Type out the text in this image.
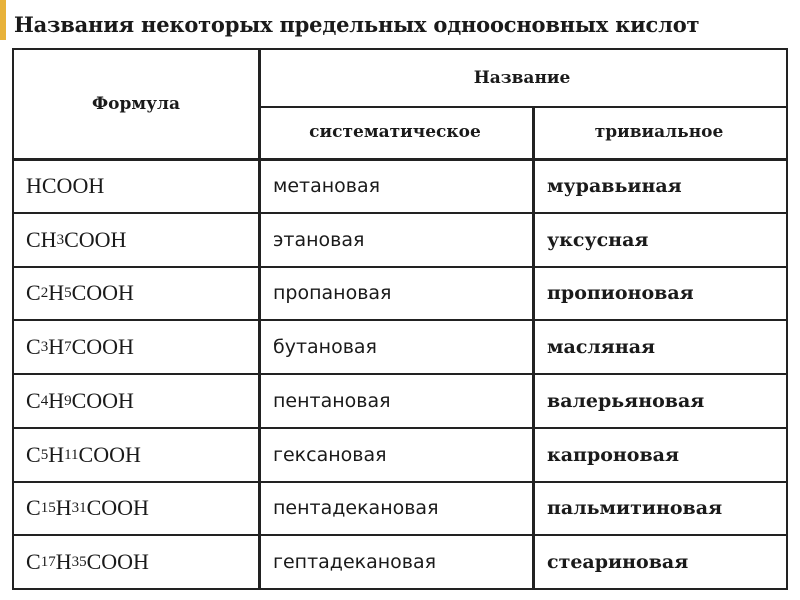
Названия некоторых предельных одноосновных кислот
Формула
Название
систематическое	тривиальное
HCOOH	метановая	муравьиная
CH 3 COOH	этановая	уксусная
C 2 H 5 COOH	пропановая	пропионовая
C 3 H 7 COOH	бутановая	масляная
C 4 H 9 COOH	пентановая	валерьяновая
C 5 H 11 COOH	гексановая	капроновая
C 15 H 31 COOH	пентадекановая	пальмитиновая
C 17 H 35 COOH	гептадекановая	стеариновая
